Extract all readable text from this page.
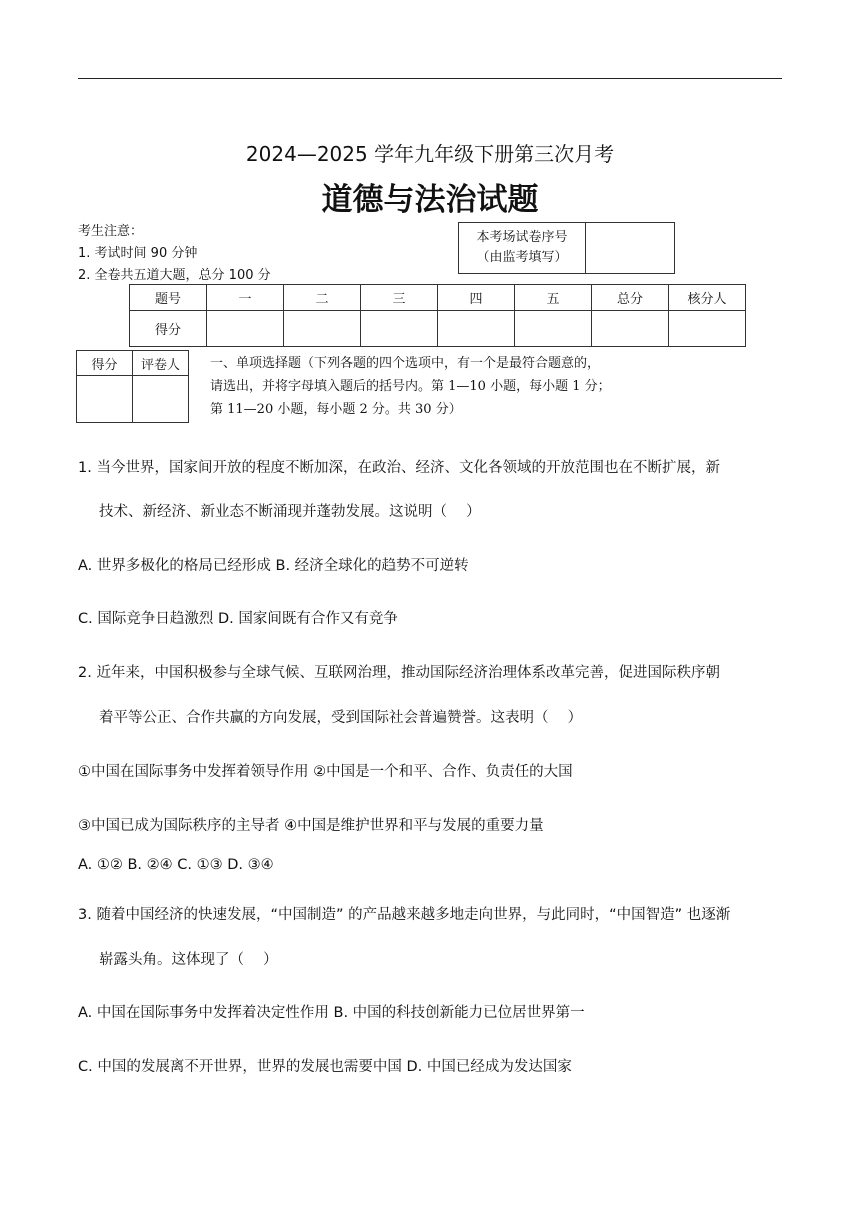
2024—2025 学年九年级下册第三次月考
道德与法治试题
考生注意：
1. 考试时间 90 分钟
2. 全卷共五道大题，总分 100 分
本考场试卷序号
（由监考填写）

题号	一	二	三	四	五	总分	核分人
得分							
得分	评卷人
	一、单项选择题（下列各题的四个选项中，有一个是最符合题意的，
请选出，并将字母填入题后的括号内。第 1—10 小题，每小题 1 分；
第 11—20 小题，每小题 2 分。共 30 分）
1. 当今世界，国家间开放的程度不断加深，在政治、经济、文化各领域的开放范围也在不断扩展，新
技术、新经济、新业态不断涌现并蓬勃发展。这说明（　 ）
A. 世界多极化的格局已经形成 B. 经济全球化的趋势不可逆转
C. 国际竞争日趋激烈 D. 国家间既有合作又有竞争
2. 近年来，中国积极参与全球气候、互联网治理，推动国际经济治理体系改革完善，促进国际秩序朝
着平等公正、合作共赢的方向发展，受到国际社会普遍赞誉。这表明（　 ）
①中国在国际事务中发挥着领导作用 ②中国是一个和平、合作、负责任的大国
③中国已成为国际秩序的主导者 ④中国是维护世界和平与发展的重要力量
A. ①② B. ②④ C. ①③ D. ③④
3. 随着中国经济的快速发展，“中国制造” 的产品越来越多地走向世界，与此同时，“中国智造” 也逐渐
崭露头角。这体现了（　 ）
A. 中国在国际事务中发挥着决定性作用 B. 中国的科技创新能力已位居世界第一
C. 中国的发展离不开世界，世界的发展也需要中国 D. 中国已经成为发达国家
